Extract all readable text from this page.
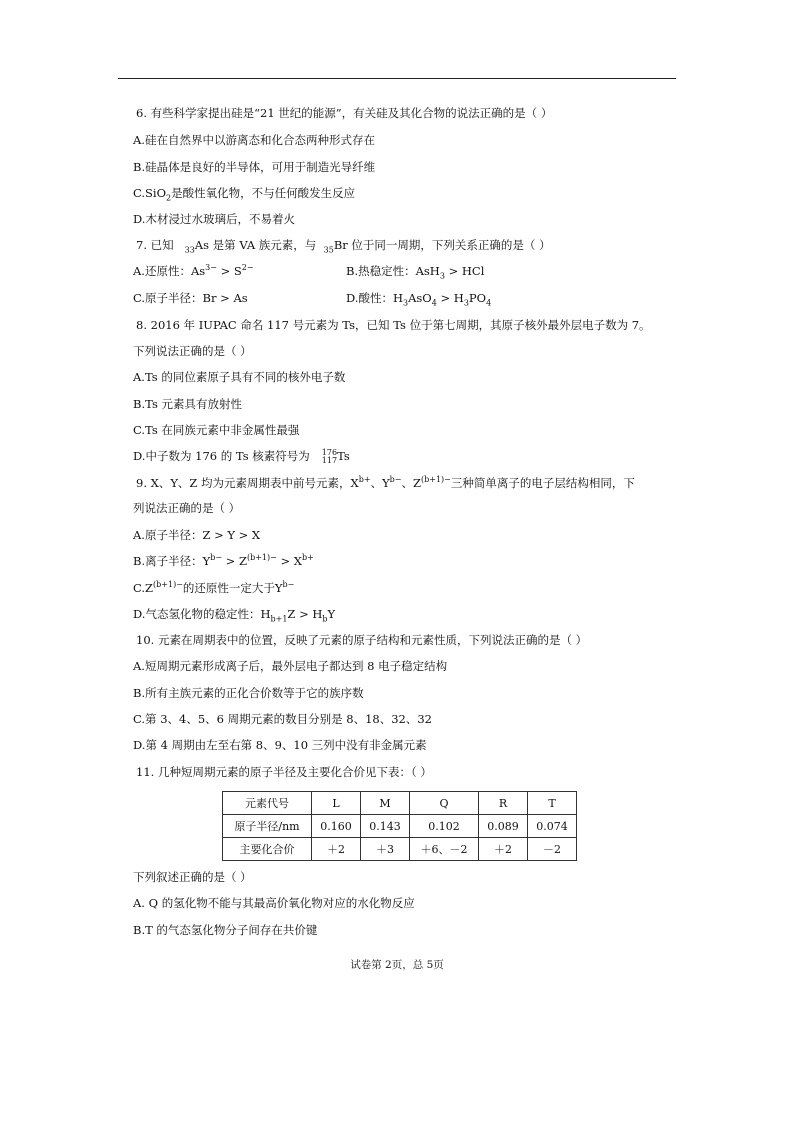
6. 有些科学家提出硅是“21 世纪的能源”，有关硅及其化合物的说法正确的是（ ）
A.硅在自然界中以游离态和化合态两种形式存在
B.硅晶体是良好的半导体，可用于制造光导纤维
C.SiO$_2$是酸性氧化物，不与任何酸发生反应
D.木材浸过水玻璃后，不易着火
7. 已知 $_{33}$As 是第 VA 族元素，与 $_{35}$Br 位于同一周期，下列关系正确的是（ ）
A.还原性：$As^{3-} > S^{2-}$	B.热稳定性：AsH$_3$ > HCl
C.原子半径：Br > As	D.酸性：$H_3AsO_4 > H_3PO_4$
8. 2016 年 IUPAC 命名 117 号元素为 Ts，已知 Ts 位于第七周期，其原子核外最外层电子数为 7。
下列说法正确的是（ ）
A.Ts 的同位素原子具有不同的核外电子数
B.Ts 元素具有放射性
C.Ts 在同族元素中非金属性最强
D.中子数为 176 的 Ts 核素符号为 176
117Ts
9. X、Y、Z 均为元素周期表中前号元素，$X^{b+}$、$Y^{b-}$、$Z^{(b+1)-}$三种简单离子的电子层结构相同，下
列说法正确的是（ ）
A.原子半径：Z > Y > X
B.离子半径：$Y^{b-} > Z^{(b+1)-} > X^{b+}$
$C.Z^{(b+1)-}$的还原性一定大于$Y^{b-}$
D.气态氢化物的稳定性：$H_{b+1}Z > H_bY$
10. 元素在周期表中的位置，反映了元素的原子结构和元素性质，下列说法正确的是（ ）
A.短周期元素形成离子后，最外层电子都达到 8 电子稳定结构
B.所有主族元素的正化合价数等于它的族序数
C.第 3、4、5、6 周期元素的数目分别是 8、18、32、32
D.第 4 周期由左至右第 8、9、10 三列中没有非金属元素
11. 几种短周期元素的原子半径及主要化合价见下表：（ ）
元素代号	L	M	Q	R	T
原子半径/nm	0.160	0.143	0.102	0.089	0.074
主要化合价	＋2	＋3	＋6、－2	＋2	－2
下列叙述正确的是（ ）
A. Q 的氢化物不能与其最高价氧化物对应的水化物反应
B.T 的气态氢化物分子间存在共价键
试卷第 2页，总 5页
